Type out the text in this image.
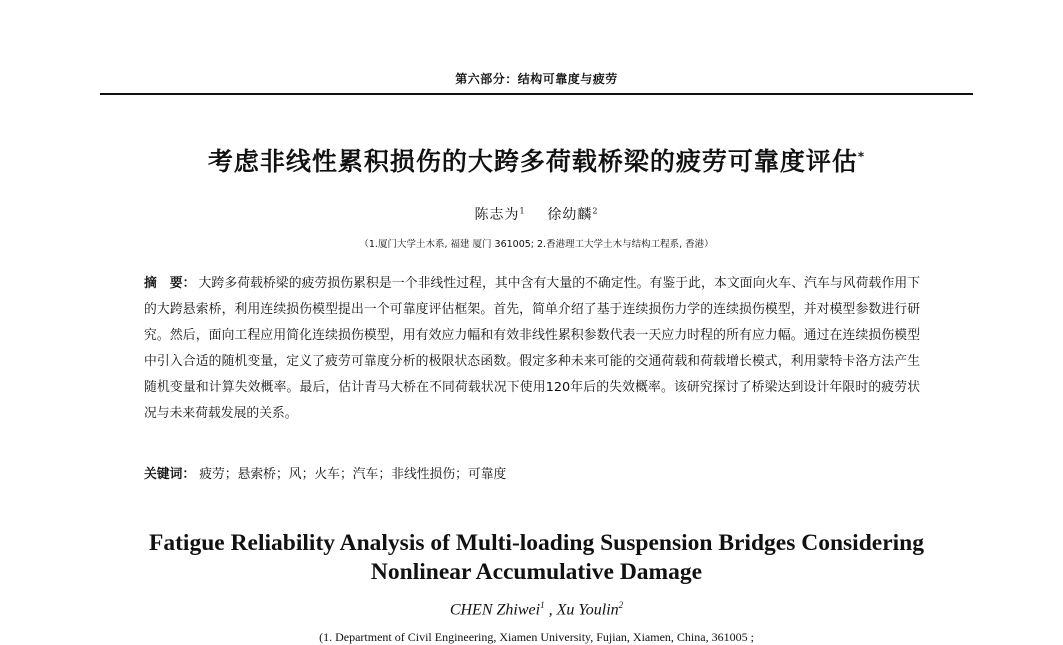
第六部分：结构可靠度与疲劳
考虑非线性累积损伤的大跨多荷载桥梁的疲劳可靠度评估*
陈志为$^1$ 徐幼麟$^2$
（1.厦门大学土木系, 福建 厦门 361005; 2.香港理工大学土木与结构工程系, 香港）
摘　要： 大跨多荷载桥梁的疲劳损伤累积是一个非线性过程，其中含有大量的不确定性。有鉴于此，本文面向火车、汽车与风荷载作用下的大跨悬索桥，利用连续损伤模型提出一个可靠度评估框架。首先，简单介绍了基于连续损伤力学的连续损伤模型，并对模型参数进行研究。然后，面向工程应用简化连续损伤模型，用有效应力幅和有效非线性累积参数代表一天应力时程的所有应力幅。通过在连续损伤模型中引入合适的随机变量，定义了疲劳可靠度分析的极限状态函数。假定多种未来可能的交通荷载和荷载增长模式，利用蒙特卡洛方法产生随机变量和计算失效概率。最后，估计青马大桥在不同荷载状况下使用120年后的失效概率。该研究探讨了桥梁达到设计年限时的疲劳状况与未来荷载发展的关系。
关键词： 疲劳；悬索桥；风；火车；汽车；非线性损伤；可靠度
Fatigue Reliability Analysis of Multi-loading Suspension Bridges Considering
Nonlinear Accumulative Damage
CHEN Zhiwei$^1$ , Xu Youlin$^2$
(1. Department of Civil Engineering, Xiamen University, Fujian, Xiamen, China, 361005 ;
